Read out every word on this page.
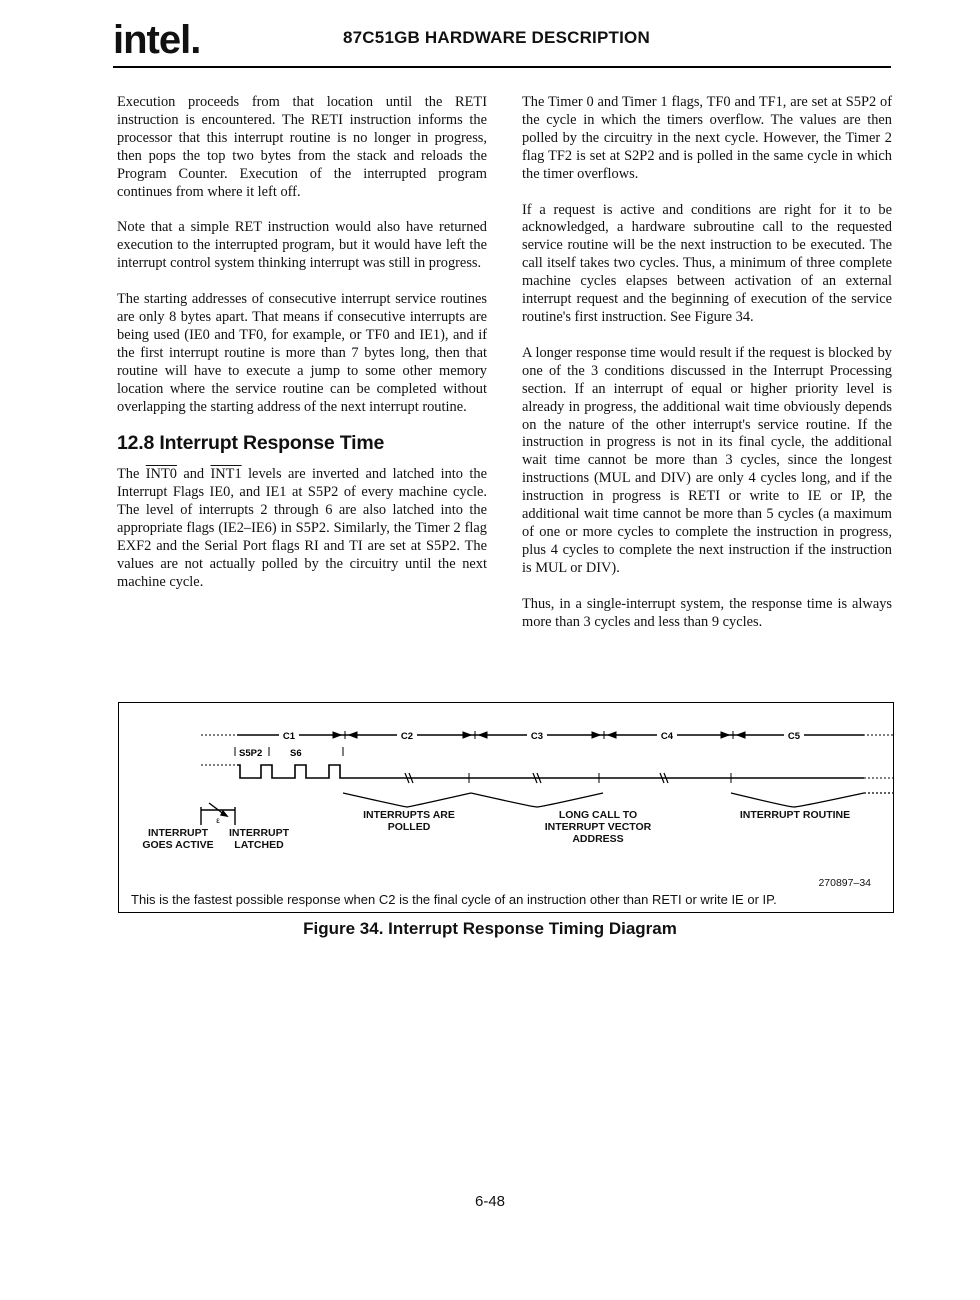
intel.	87C51GB HARDWARE DESCRIPTION

Execution proceeds from that location until the RETI instruction is encountered. The RETI instruction informs the processor that this interrupt routine is no longer in progress, then pops the top two bytes from the stack and reloads the Program Counter. Execution of the interrupted program continues from where it left off.

Note that a simple RET instruction would also have returned execution to the interrupted program, but it would have left the interrupt control system thinking interrupt was still in progress.

The starting addresses of consecutive interrupt service routines are only 8 bytes apart. That means if consecutive interrupts are being used (IE0 and TF0, for example, or TF0 and IE1), and if the first interrupt routine is more than 7 bytes long, then that routine will have to execute a jump to some other memory location where the service routine can be completed without overlapping the starting address of the next interrupt routine.

12.8 Interrupt Response Time

The INT0 and INT1 levels are inverted and latched into the Interrupt Flags IE0, and IE1 at S5P2 of every machine cycle. The level of interrupts 2 through 6 are also latched into the appropriate flags (IE2–IE6) in S5P2. Similarly, the Timer 2 flag EXF2 and the Serial Port flags RI and TI are set at S5P2. The values are not actually polled by the circuitry until the next machine cycle.

The Timer 0 and Timer 1 flags, TF0 and TF1, are set at S5P2 of the cycle in which the timers overflow. The values are then polled by the circuitry in the next cycle. However, the Timer 2 flag TF2 is set at S2P2 and is polled in the same cycle in which the timer overflows.

If a request is active and conditions are right for it to be acknowledged, a hardware subroutine call to the requested service routine will be the next instruction to be executed. The call itself takes two cycles. Thus, a minimum of three complete machine cycles elapses between activation of an external interrupt request and the beginning of execution of the service routine's first instruction. See Figure 34.

A longer response time would result if the request is blocked by one of the 3 conditions discussed in the Interrupt Processing section. If an interrupt of equal or higher priority level is already in progress, the additional wait time obviously depends on the nature of the other interrupt's service routine. If the instruction in progress is not in its final cycle, the additional wait time cannot be more than 3 cycles, since the longest instructions (MUL and DIV) are only 4 cycles long, and if the instruction in progress is RETI or write to IE or IP, the additional wait time cannot be more than 5 cycles (a maximum of one or more cycles to complete the instruction in progress, plus 4 cycles to complete the next instruction if the instruction is MUL or DIV).

Thus, in a single-interrupt system, the response time is always more than 3 cycles and less than 9 cycles.

C1	C2	C3	C4	C5
S5P2	S6
ε
INTERRUPT GOES ACTIVE
INTERRUPT LATCHED
INTERRUPTS ARE POLLED
LONG CALL TO INTERRUPT VECTOR ADDRESS
INTERRUPT ROUTINE
270897–34
This is the fastest possible response when C2 is the final cycle of an instruction other than RETI or write IE or IP.
Figure 34. Interrupt Response Timing Diagram
6-48
